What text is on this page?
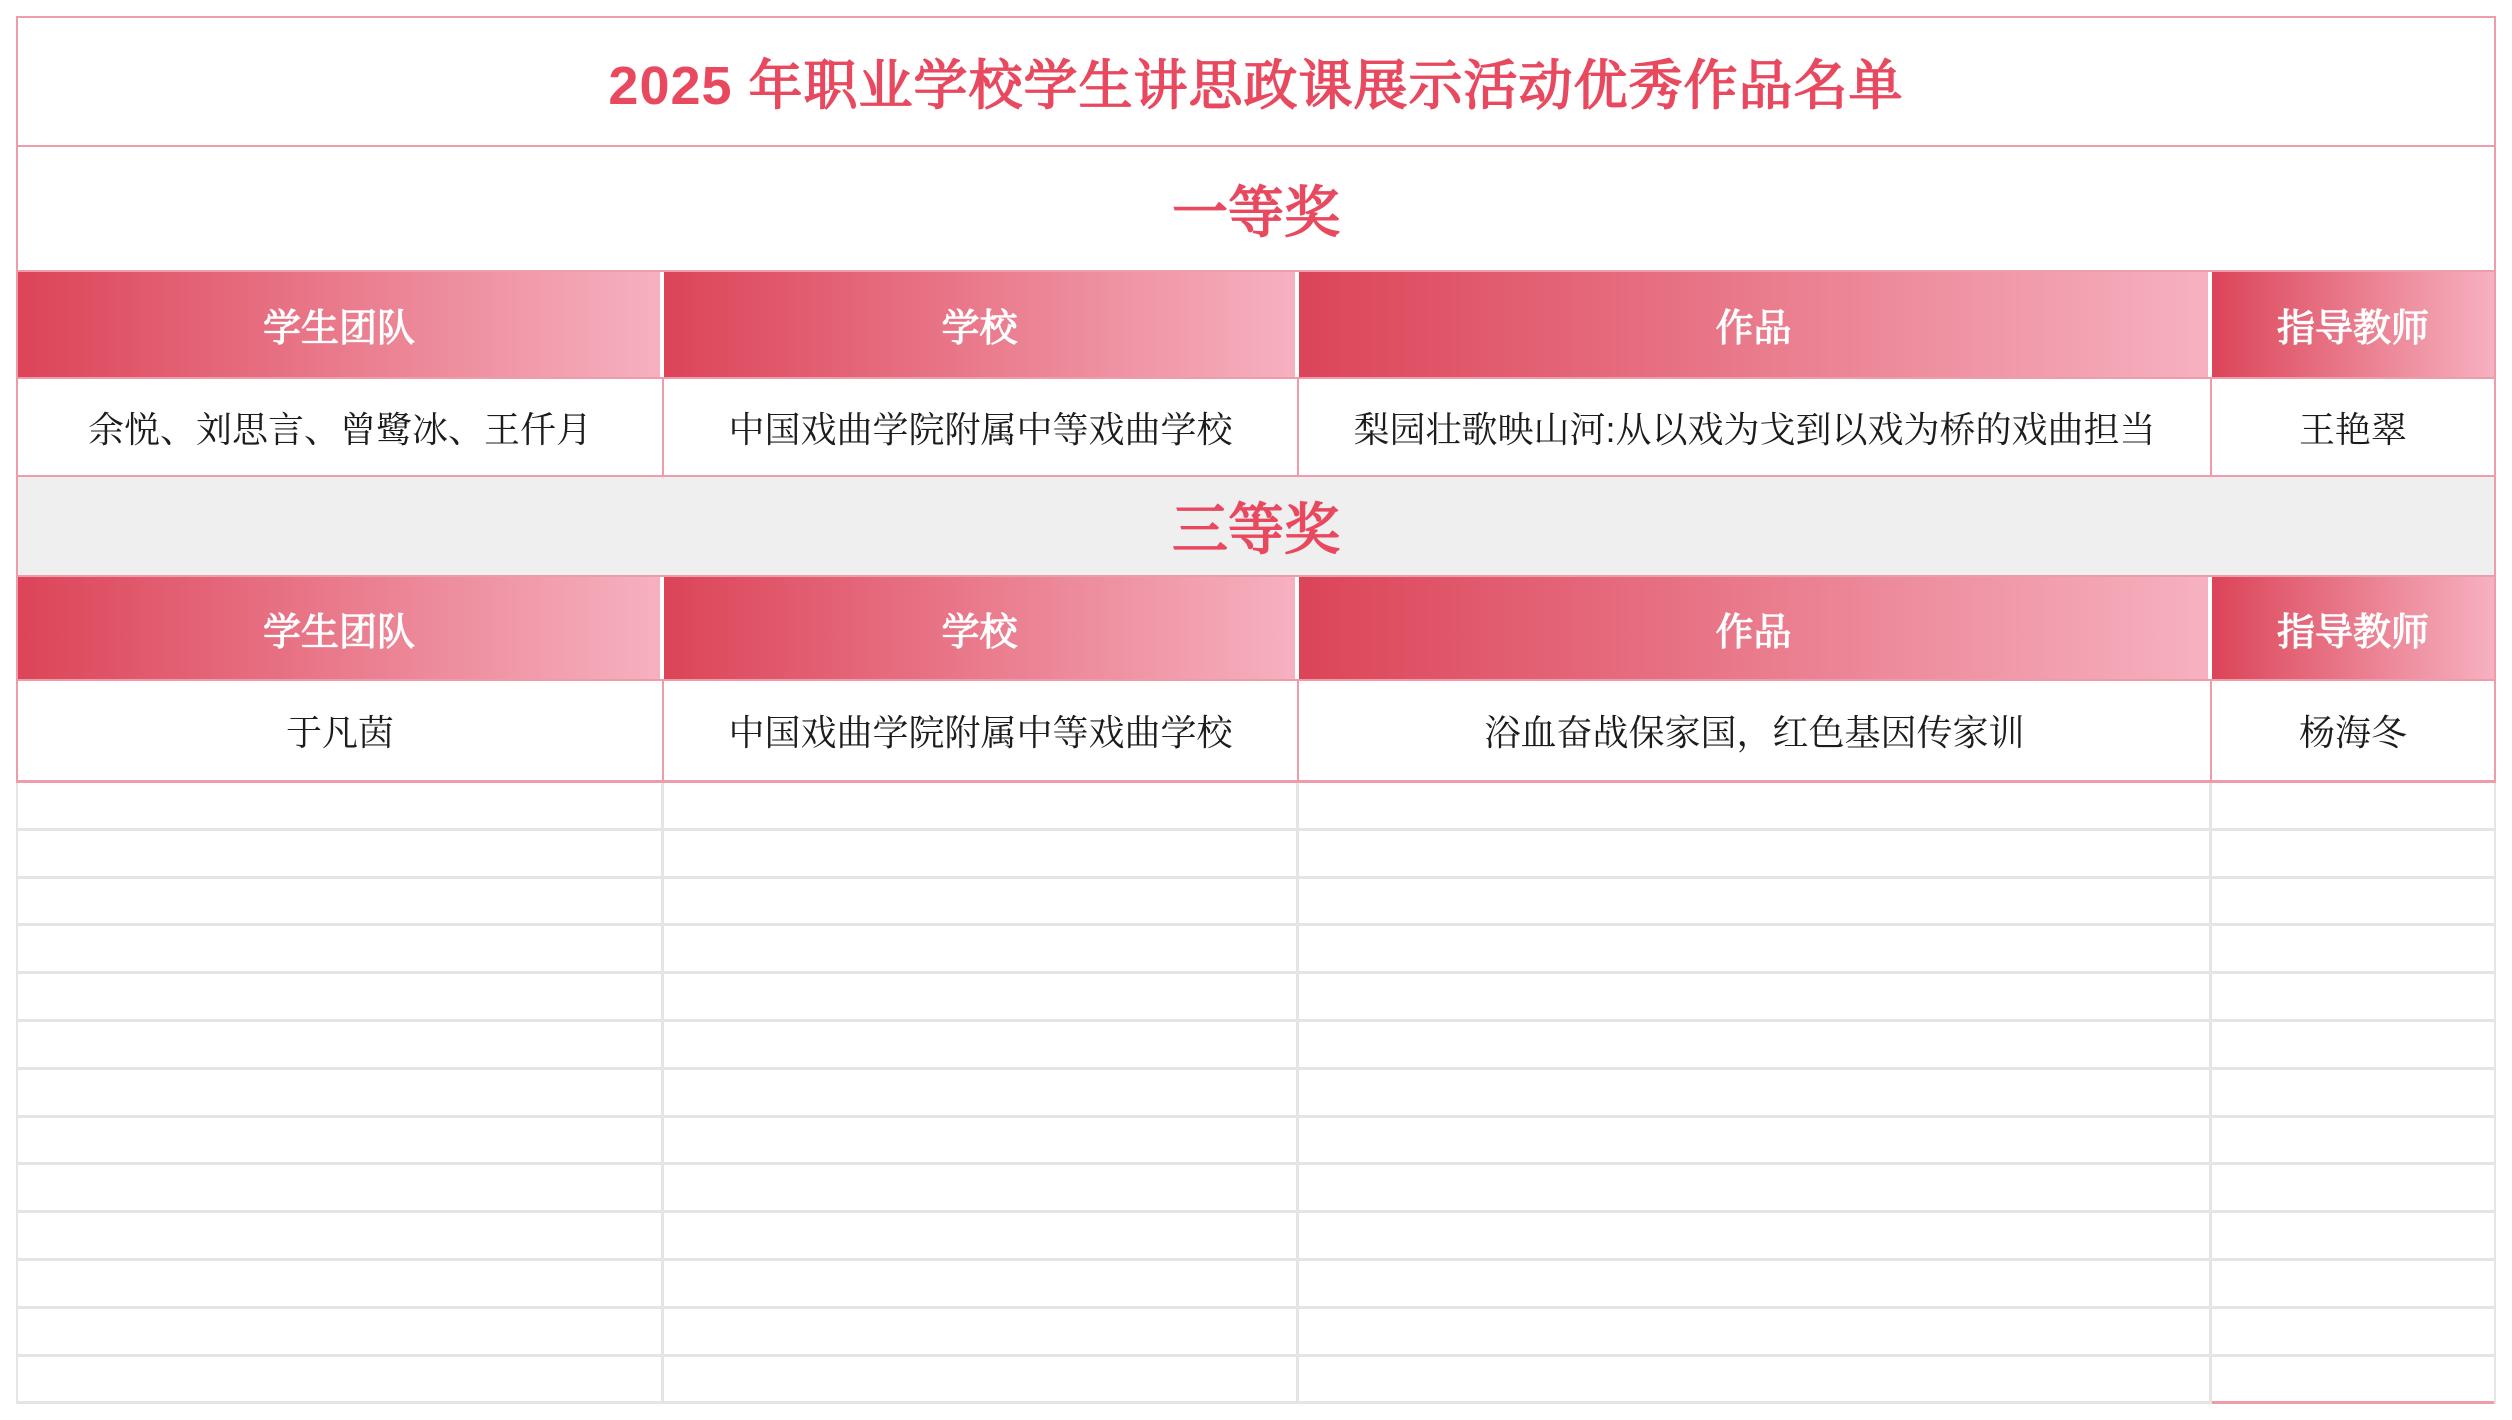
2025 年职业学校学生讲思政课展示活动优秀作品名单
一等奖
学生团队	学校	作品	指导教师
余悦、刘思言、曾鹭冰、王仟月	中国戏曲学院附属中等戏曲学校	梨园壮歌映山河:从以戏为戈到以戏为桥的戏曲担当	王艳翠
三等奖
学生团队	学校	作品	指导教师
于凡茵	中国戏曲学院附属中等戏曲学校	浴血奋战保家国，红色基因传家训	杨海冬
